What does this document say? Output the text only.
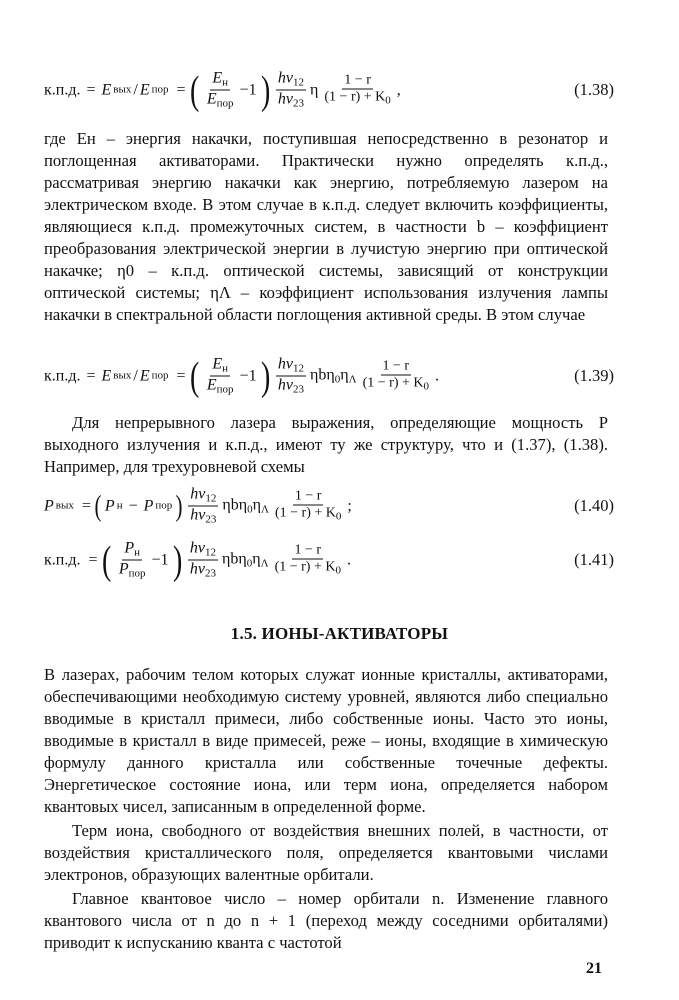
к.п.д. = E вых / E пор
= ( $\frac{E_н}{E_{пор}} -1$ ) $\frac{h\nu_{12}}{h\nu_{23}}$ η $\frac{1 - r}{(1 - r) + K_0}$ ,	(1.38)

где Eн – энергия накачки, поступившая непосредственно в резонатор и поглощенная активаторами. Практически нужно определять к.п.д., рассматривая энергию накачки как энергию, потребляемую лазером на электрическом входе. В этом случае в к.п.д. следует включить коэффициенты, являющиеся к.п.д. промежуточных систем, в частности b – коэффициент преобразования электрической энергии в лучистую энергию при оптической накачке; η0 – к.п.д. оптической системы, зависящий от конструкции оптической системы; ηΛ – коэффициент использования излучения лампы накачки в спектральной области поглощения активной среды. В этом случае

к.п.д. = E вых / E пор
= ( $\frac{E_н}{E_{пор}} -1$ ) $\frac{h\nu_{12}}{h\nu_{23}} \eta b\eta_0\eta_\Lambda \frac{1 - r}{(1 - r) + K_0}$ .	(1.39)

Для непрерывного лазера выражения, определяющие мощность P выходного излучения и к.п.д., имеют ту же структуру, что и (1.37), (1.38). Например, для трехуровневой схемы

P вых
= ( P н − P пор ) $\frac{h\nu_{12}}{h\nu_{23}} \eta b\eta_0\eta_\Lambda \frac{1 - r}{(1 - r) + K_0}$ ;	(1.40)
к.п.д.
= ( $\frac{P_н}{P_{пор}} -1$ ) $\frac{h\nu_{12}}{h\nu_{23}} \eta b\eta_0\eta_\Lambda \frac{1 - r}{(1 - r) + K_0}$ .	(1.41)
1.5. ИОНЫ-АКТИВАТОРЫ

В лазерах, рабочим телом которых служат ионные кристаллы, активаторами, обеспечивающими необходимую систему уровней, являются либо специально вводимые в кристалл примеси, либо собственные ионы. Часто это ионы, вводимые в кристалл в виде примесей, реже – ионы, входящие в химическую формулу данного кристалла или собственные точечные дефекты. Энергетическое состояние иона, или терм иона, определяется набором квантовых чисел, записанным в определенной форме.

Терм иона, свободного от воздействия внешних полей, в частности, от воздействия кристаллического поля, определяется квантовыми числами электронов, образующих валентные орбитали.

Главное квантовое число – номер орбитали n. Изменение главного квантового числа от n до n + 1 (переход между соседними орбиталями) приводит к испусканию кванта с частотой

21
